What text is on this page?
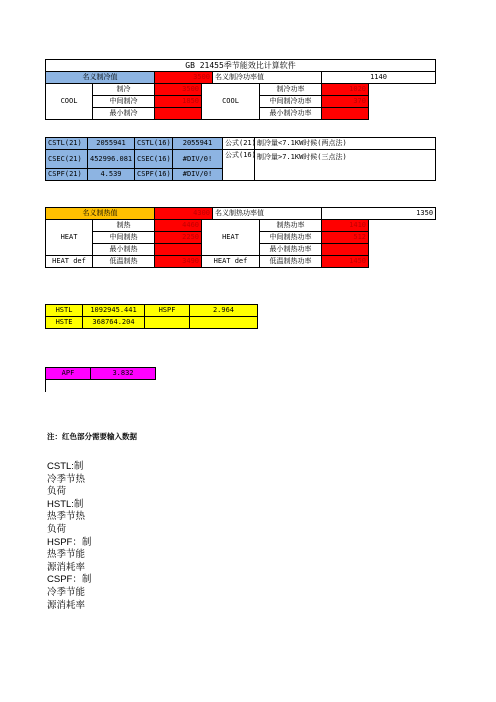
GB 21455季节能效比计算软件							
名义制冷值		3500		名义制冷功率值		1140	
COOL	制冷	3500	COOL		制冷功率	1020	
	中间制冷	1850			中间制冷功率	370	
	最小制冷				最小制冷功率		
CSTL(21)	2055941	CSTL(16)	2055941	公式(21):	制冷量<7.1KW时候(两点法)
CSEC(21)	452996.081	CSEC(16)	#DIV/0!	公式(16):	制冷量>7.1KW时候(三点法)
CSPF(21)	4.539	CSPF(16)	#DIV/0!		
名义制热值		4300		名义制热功率值		1350	
HEAT	制热	4460	HEAT		制热功率	1410	
	中间制热	2250			中间制热功率	512	
	最小制热				最小制热功率		
HEAT def	低温制热	3490	HEAT def		低温制热功率	1450	
HSTL	1092945.441	HSPF	2.964
HSTE	368764.204		
APF	3.832
注：红色部分需要输入数据
CSTL:制
冷季节热
负荷
HSTL:制
热季节热
负荷
HSPF：制
热季节能
源消耗率
CSPF：制
冷季节能
源消耗率
